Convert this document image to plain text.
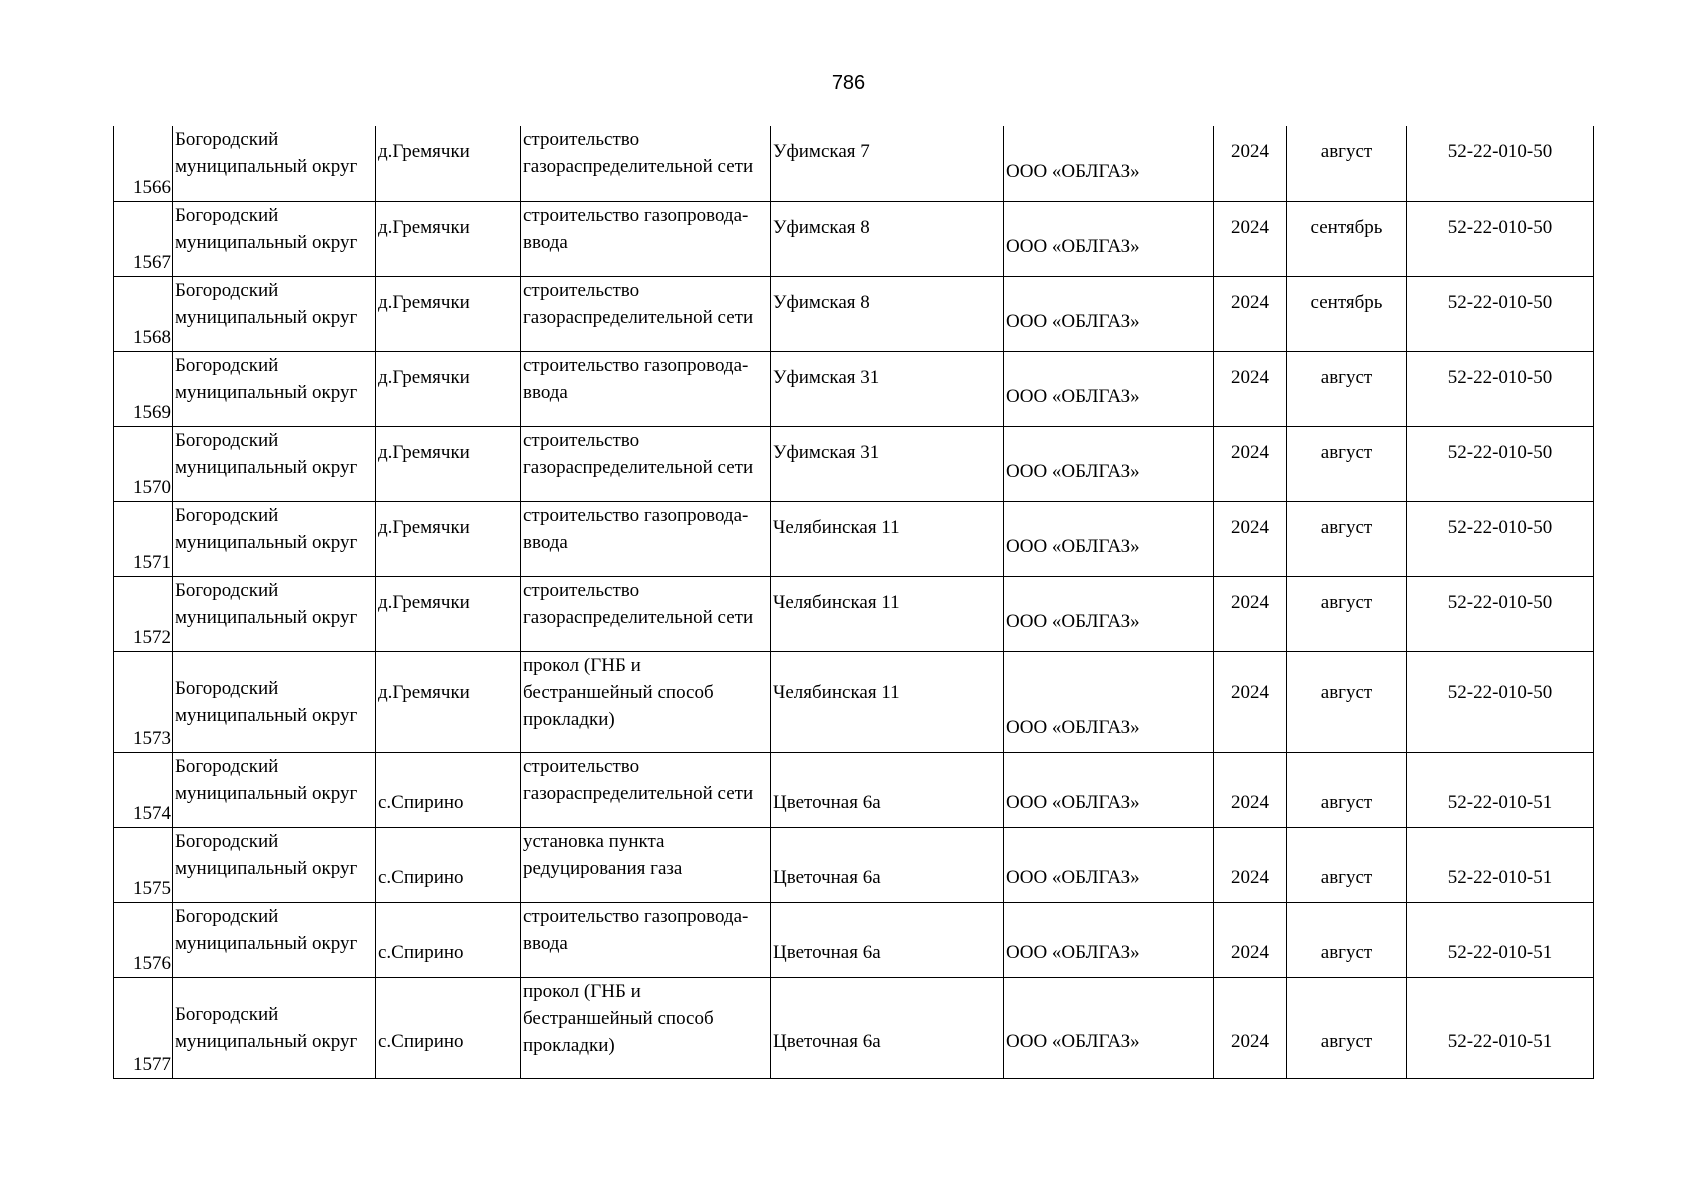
786
1566	Богородский муниципальный округ	д.Гремячки	строительство газораспределительной сети	Уфимская 7	ООО «ОБЛГАЗ»	2024	август	52-22-010-50
1567	Богородский муниципальный округ	д.Гремячки	строительство газопровода-ввода	Уфимская 8	ООО «ОБЛГАЗ»	2024	сентябрь	52-22-010-50
1568	Богородский муниципальный округ	д.Гремячки	строительство газораспределительной сети	Уфимская 8	ООО «ОБЛГАЗ»	2024	сентябрь	52-22-010-50
1569	Богородский муниципальный округ	д.Гремячки	строительство газопровода-ввода	Уфимская 31	ООО «ОБЛГАЗ»	2024	август	52-22-010-50
1570	Богородский муниципальный округ	д.Гремячки	строительство газораспределительной сети	Уфимская 31	ООО «ОБЛГАЗ»	2024	август	52-22-010-50
1571	Богородский муниципальный округ	д.Гремячки	строительство газопровода-ввода	Челябинская 11	ООО «ОБЛГАЗ»	2024	август	52-22-010-50
1572	Богородский муниципальный округ	д.Гремячки	строительство газораспределительной сети	Челябинская 11	ООО «ОБЛГАЗ»	2024	август	52-22-010-50
1573	Богородский муниципальный округ	д.Гремячки	прокол (ГНБ и бестраншейный способ прокладки)	Челябинская 11	ООО «ОБЛГАЗ»	2024	август	52-22-010-50
1574	Богородский муниципальный округ	с.Спирино	строительство газораспределительной сети	Цветочная 6а	ООО «ОБЛГАЗ»	2024	август	52-22-010-51
1575	Богородский муниципальный округ	с.Спирино	установка пункта редуцирования газа	Цветочная 6а	ООО «ОБЛГАЗ»	2024	август	52-22-010-51
1576	Богородский муниципальный округ	с.Спирино	строительство газопровода-ввода	Цветочная 6а	ООО «ОБЛГАЗ»	2024	август	52-22-010-51
1577	Богородский муниципальный округ	с.Спирино	прокол (ГНБ и бестраншейный способ прокладки)	Цветочная 6а	ООО «ОБЛГАЗ»	2024	август	52-22-010-51
